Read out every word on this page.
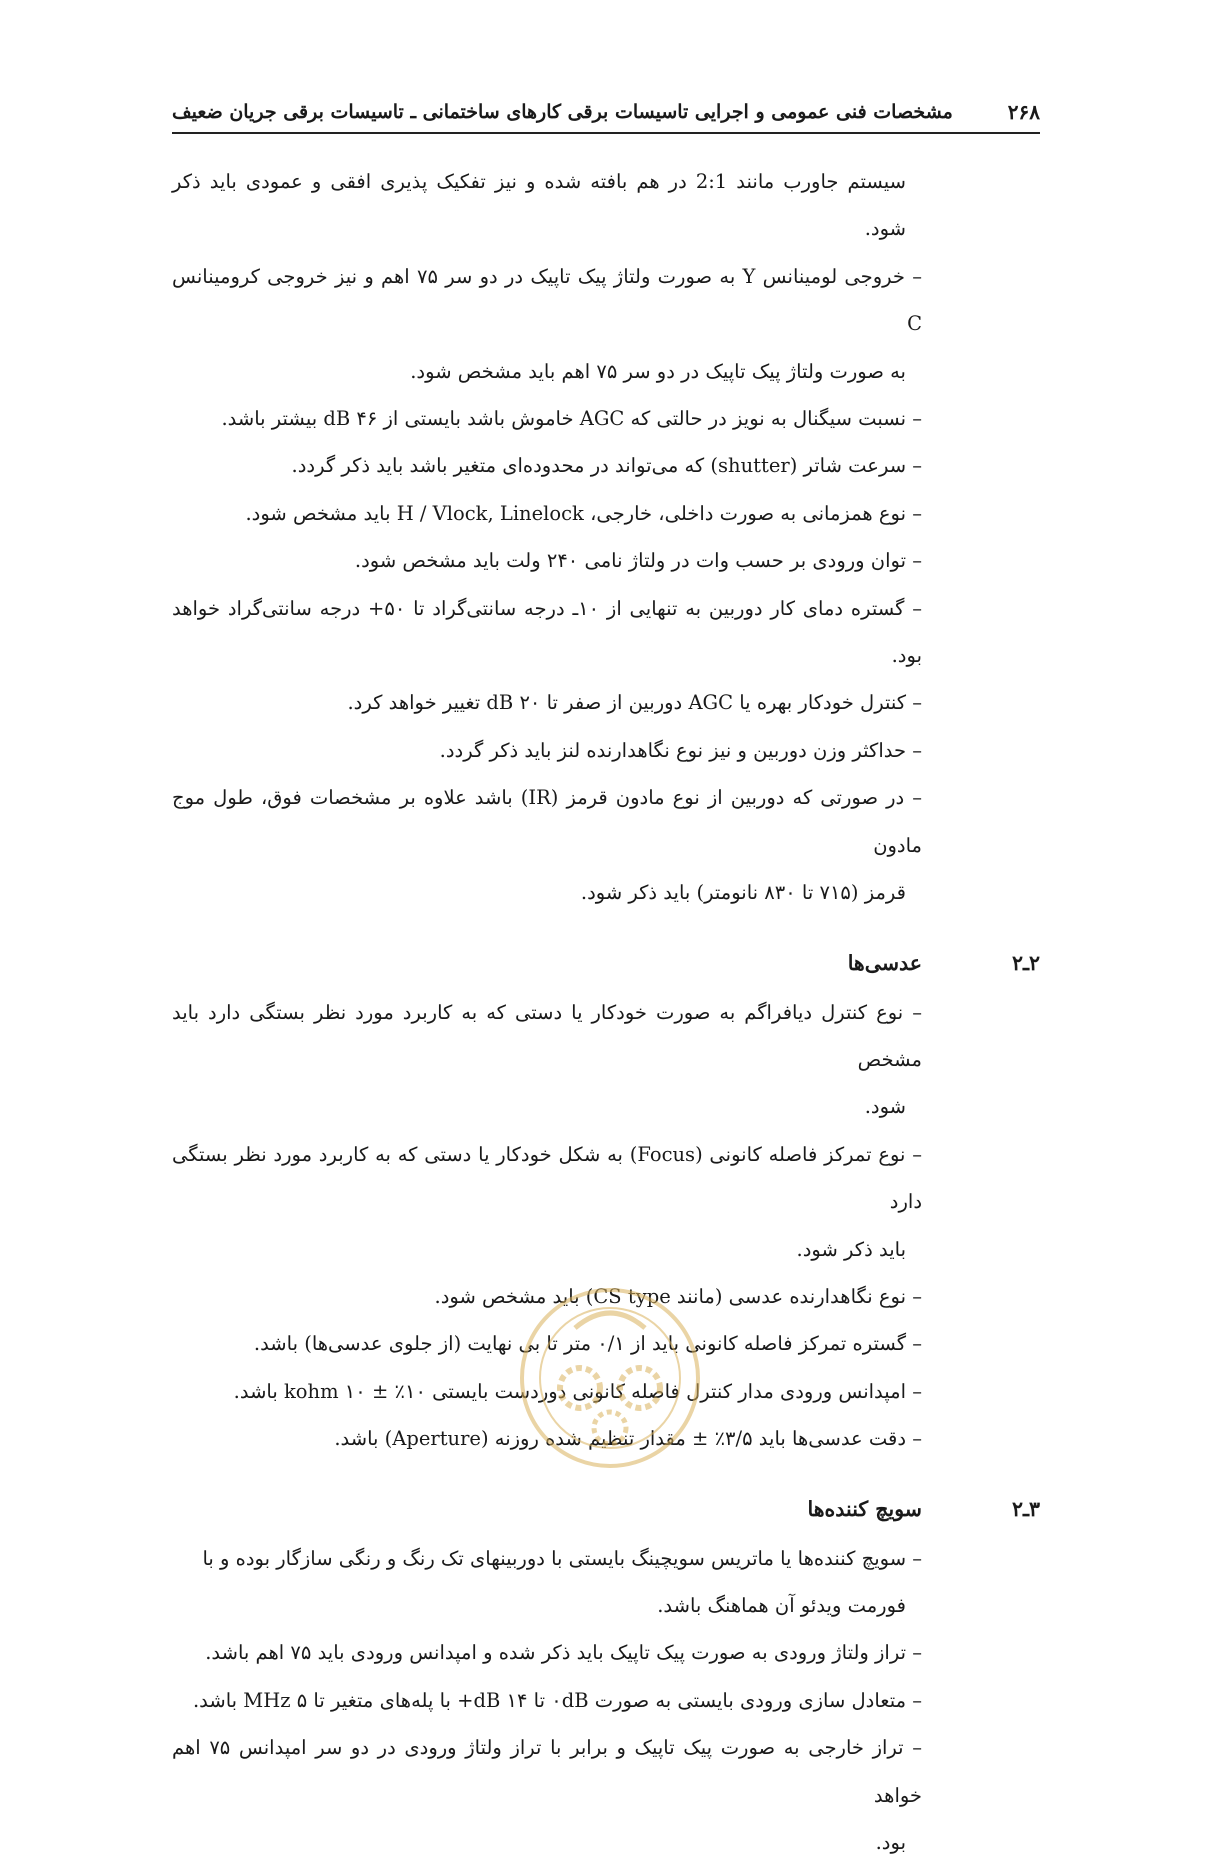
۲۶۸
مشخصات فنی عمومی و اجرایی تاسیسات برقی کارهای ساختمانی ـ تاسیسات برقی جریان ضعیف

سیستم جاورب مانند 2:1 در هم بافته شده و نیز تفکیک پذیری افقی و عمودی باید ذکر شود.

– خروجی لومینانس Y به صورت ولتاژ پیک تاپیک در دو سر ۷۵ اهم و نیز خروجی کرومینانس C

به صورت ولتاژ پیک تاپیک در دو سر ۷۵ اهم باید مشخص شود.

– نسبت سیگنال به نویز در حالتی که AGC خاموش باشد بایستی از ۴۶ dB بیشتر باشد.

– سرعت شاتر (shutter) که می‌تواند در محدوده‌ای متغیر باشد باید ذکر گردد.

– نوع همزمانی به صورت داخلی، خارجی، H / Vlock, Linelock باید مشخص شود.

– توان ورودی بر حسب وات در ولتاژ نامی ۲۴۰ ولت باید مشخص شود.

– گستره دمای کار دوربین به تنهایی از ۱۰ـ درجه سانتی‌گراد تا ۵۰+ درجه سانتی‌گراد خواهد بود.

– کنترل خودکار بهره یا AGC دوربین از صفر تا ۲۰ dB تغییر خواهد کرد.

– حداکثر وزن دوربین و نیز نوع نگاهدارنده لنز باید ذکر گردد.

– در صورتی که دوربین از نوع مادون قرمز (IR) باشد علاوه بر مشخصات فوق، طول موج مادون

قرمز (۷۱۵ تا ۸۳۰ نانومتر) باید ذکر شود.

۲ـ۲
عدسی‌ها

– نوع کنترل دیافراگم به صورت خودکار یا دستی که به کاربرد مورد نظر بستگی دارد باید مشخص

شود.

– نوع تمرکز فاصله کانونی (Focus) به شکل خودکار یا دستی که به کاربرد مورد نظر بستگی دارد

باید ذکر شود.

– نوع نگاهدارنده عدسی (مانند CS type) باید مشخص شود.

– گستره تمرکز فاصله کانونی باید از ۰/۱ متر تا بی نهایت (از جلوی عدسی‌ها) باشد.

– امپدانس ورودی مدار کنترل فاصله کانونی دوردست بایستی ۱۰٪ ± kohm ۱۰ باشد.

– دقت عدسی‌ها باید ۳/۵٪ ± مقدار تنظیم شده روزنه (Aperture) باشد.

۳ـ۲
سویچ کننده‌ها

– سویچ کننده‌ها یا ماتریس سویچینگ بایستی با دوربینهای تک رنگ و رنگی سازگار بوده و با

فورمت ویدئو آن هماهنگ باشد.

– تراز ولتاژ ورودی به صورت پیک تاپیک باید ذکر شده و امپدانس ورودی باید ۷۵ اهم باشد.

– متعادل سازی ورودی بایستی به صورت ۰dB تا ۱۴ dB+ با پله‌های متغیر تا ۵ MHz باشد.

– تراز خارجی به صورت پیک تاپیک و برابر با تراز ولتاژ ورودی در دو سر امپدانس ۷۵ اهم خواهد

بود.
